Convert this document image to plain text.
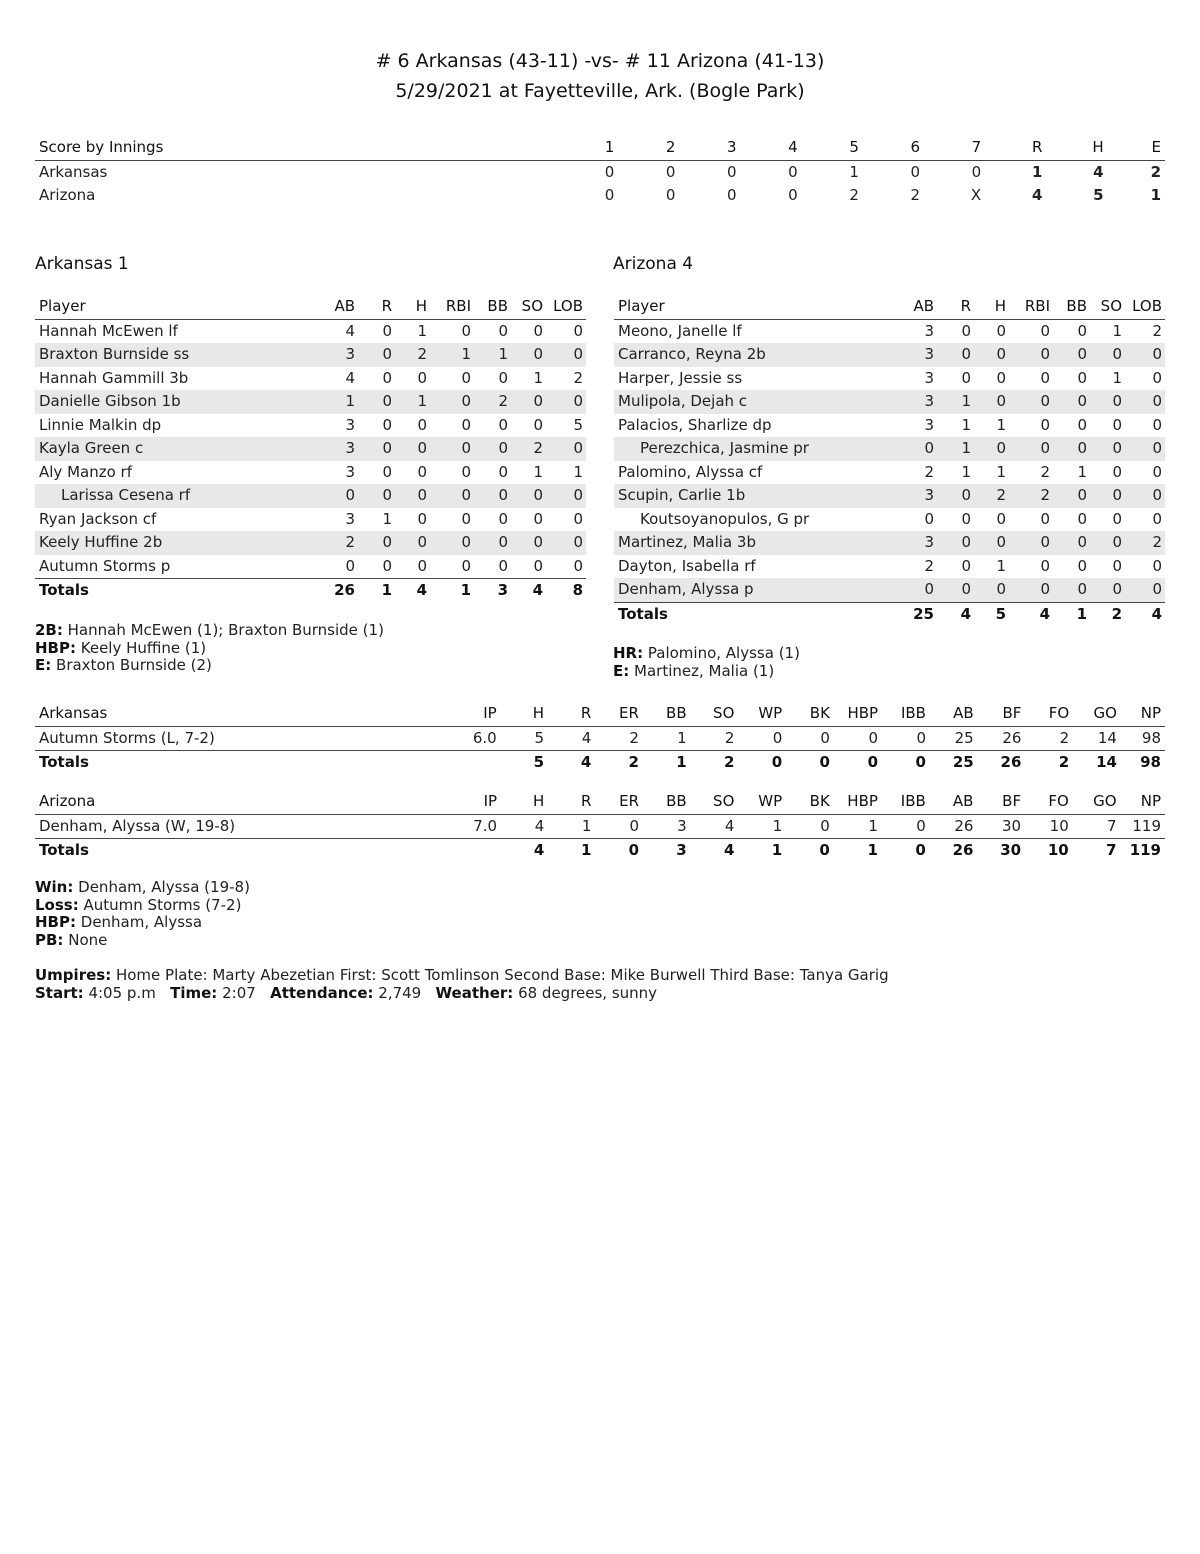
# 6 Arkansas (43-11) -vs- # 11 Arizona (41-13)
5/29/2021 at Fayetteville, Ark. (Bogle Park)
Score by Innings	1	2	3	4	5	6	7	R	H	E
Arkansas	0	0	0	0	1	0	0	1	4	2
Arizona	0	0	0	0	2	2	X	4	5	1
Arkansas 1	Arizona 4
Player	AB	R	H	RBI	BB	SO	LOB
Hannah McEwen lf	4	0	1	0	0	0	0
Braxton Burnside ss	3	0	2	1	1	0	0
Hannah Gammill 3b	4	0	0	0	0	1	2
Danielle Gibson 1b	1	0	1	0	2	0	0
Linnie Malkin dp	3	0	0	0	0	0	5
Kayla Green c	3	0	0	0	0	2	0
Aly Manzo rf	3	0	0	0	0	1	1
Larissa Cesena rf	0	0	0	0	0	0	0
Ryan Jackson cf	3	1	0	0	0	0	0
Keely Huffine 2b	2	0	0	0	0	0	0
Autumn Storms p	0	0	0	0	0	0	0
Totals	26	1	4	1	3	4	8
Player	AB	R	H	RBI	BB	SO	LOB
Meono, Janelle lf	3	0	0	0	0	1	2
Carranco, Reyna 2b	3	0	0	0	0	0	0
Harper, Jessie ss	3	0	0	0	0	1	0
Mulipola, Dejah c	3	1	0	0	0	0	0
Palacios, Sharlize dp	3	1	1	0	0	0	0
Perezchica, Jasmine pr	0	1	0	0	0	0	0
Palomino, Alyssa cf	2	1	1	2	1	0	0
Scupin, Carlie 1b	3	0	2	2	0	0	0
Koutsoyanopulos, G pr	0	0	0	0	0	0	0
Martinez, Malia 3b	3	0	0	0	0	0	2
Dayton, Isabella rf	2	0	1	0	0	0	0
Denham, Alyssa p	0	0	0	0	0	0	0
Totals	25	4	5	4	1	2	4
2B: Hannah McEwen (1); Braxton Burnside (1)
HBP: Keely Huffine (1)
E: Braxton Burnside (2)
HR: Palomino, Alyssa (1)
E: Martinez, Malia (1)
Arkansas	IP	H	R	ER	BB	SO	WP	BK	HBP	IBB	AB	BF	FO	GO	NP
Autumn Storms (L, 7-2)	6.0	5	4	2	1	2	0	0	0	0	25	26	2	14	98
Totals		5	4	2	1	2	0	0	0	0	25	26	2	14	98
Arizona	IP	H	R	ER	BB	SO	WP	BK	HBP	IBB	AB	BF	FO	GO	NP
Denham, Alyssa (W, 19-8)	7.0	4	1	0	3	4	1	0	1	0	26	30	10	7	119
Totals		4	1	0	3	4	1	0	1	0	26	30	10	7	119
Win: Denham, Alyssa (19-8)
Loss: Autumn Storms (7-2)
HBP: Denham, Alyssa
PB: None
Umpires: Home Plate: Marty Abezetian First: Scott Tomlinson Second Base: Mike Burwell Third Base: Tanya Garig
Start: 4:05 p.m Time: 2:07 Attendance: 2,749 Weather: 68 degrees, sunny
